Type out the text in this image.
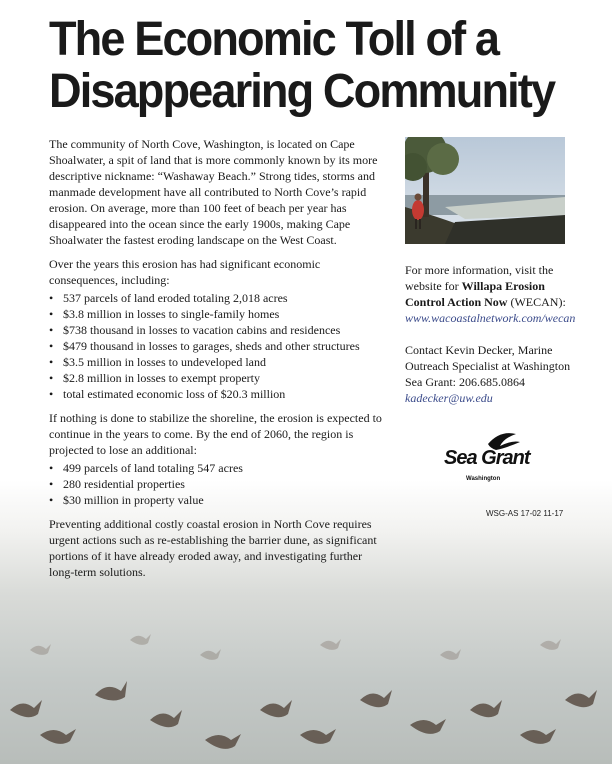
The Economic Toll of a
Disappearing Community

The community of North Cove, Washington, is located on Cape Shoalwater, a spit of land that is more commonly known by its more descriptive nickname: “Washaway Beach.” Strong tides, storms and manmade development have all contributed to North Cove’s rapid erosion. On average, more than 100 feet of beach per year has disappeared into the ocean since the early 1900s, making Cape Shoalwater the fastest eroding landscape on the West Coast.

Over the years this erosion has had significant economic consequences, including:

• 537 parcels of land eroded totaling 2,018 acres
• $3.8 million in losses to single-family homes
• $738 thousand in losses to vacation cabins and residences
• $479 thousand in losses to garages, sheds and other structures
• $3.5 million in losses to undeveloped land
• $2.8 million in losses to exempt property
• total estimated economic loss of $20.3 million

If nothing is done to stabilize the shoreline, the erosion is expected to continue in the years to come. By the end of 2060, the region is projected to lose an additional:

• 499 parcels of land totaling 547 acres
• 280 residential properties
• $30 million in property value

Preventing additional costly coastal erosion in North Cove requires urgent actions such as re-establishing the barrier dune, as significant portions of it have already eroded away, and investigating further long-term solutions.

For more information, visit the website for Willapa Erosion Control Action Now (WECAN): www.wacoastalnetwork.com/wecan

Contact Kevin Decker, Marine Outreach Specialist at Washington Sea Grant: 206.685.0864
kadecker@uw.edu

Sea Grant
Washington
WSG-AS 17-02 11-17
